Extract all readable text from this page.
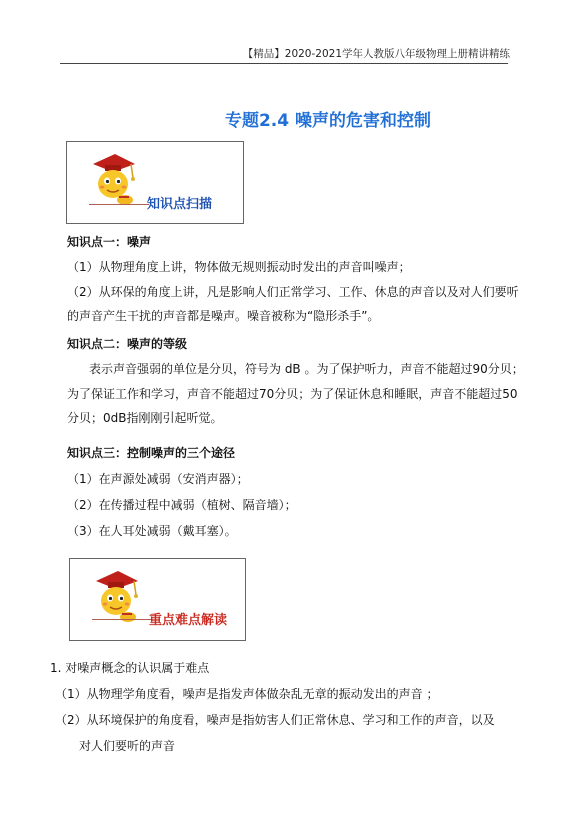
【精品】2020-2021学年人教版八年级物理上册精讲精练
专题2.4 噪声的危害和控制
知识点扫描
知识点一：噪声
（1）从物理角度上讲，物体做无规则振动时发出的声音叫噪声；
（2）从环保的角度上讲，凡是影响人们正常学习、工作、休息的声音以及对人们要听
的声音产生干扰的声音都是噪声。噪音被称为“隐形杀手”。
知识点二：噪声的等级
表示声音强弱的单位是分贝，符号为 dB 。为了保护听力，声音不能超过90分贝；
为了保证工作和学习，声音不能超过70分贝；为了保证休息和睡眠，声音不能超过50
分贝；0dB指刚刚引起听觉。
知识点三：控制噪声的三个途径
（1）在声源处减弱（安消声器）；
（2）在传播过程中减弱（植树、隔音墙）；
（3）在人耳处减弱（戴耳塞）。
重点难点解读
1. 对噪声概念的认识属于难点
（1）从物理学角度看，噪声是指发声体做杂乱无章的振动发出的声音 ；
（2）从环境保护的角度看，噪声是指妨害人们正常休息、学习和工作的声音，以及
对人们要听的声音
